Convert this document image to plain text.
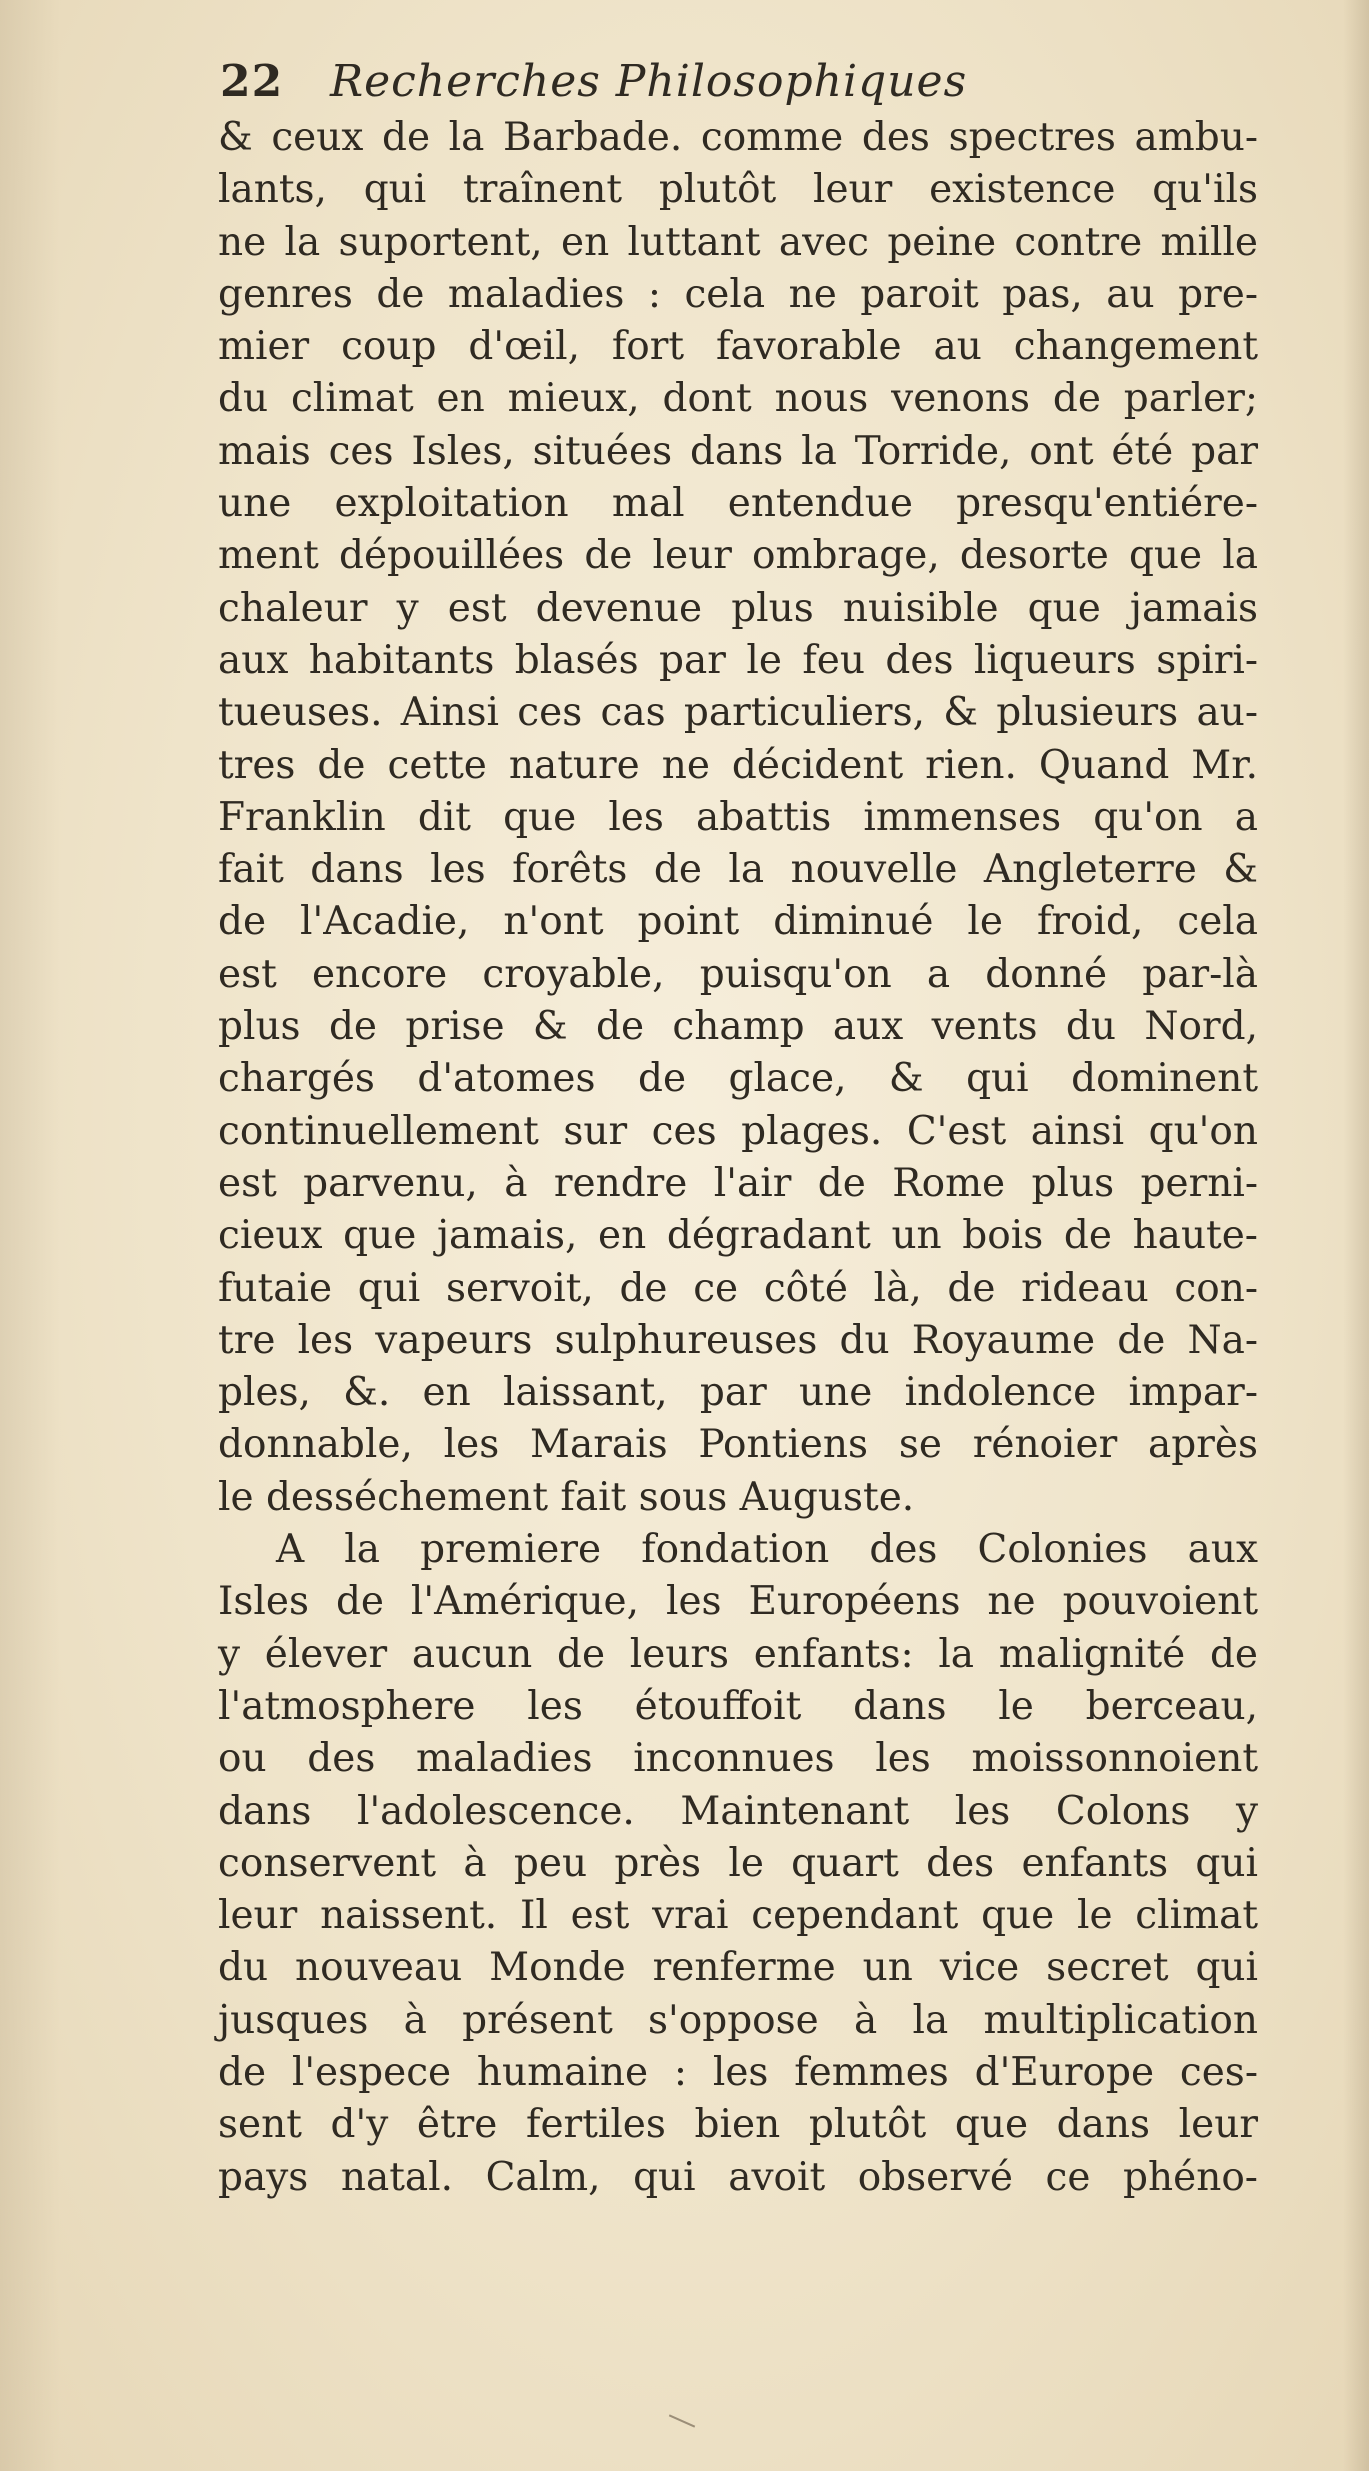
22 Recherches Philosophiques
& ceux de la Barbade. comme des spectres ambu-
lants, qui traînent plutôt leur existence qu'ils
ne la suportent, en luttant avec peine contre mille
genres de maladies : cela ne paroit pas, au pre-
mier coup d'œil, fort favorable au changement
du climat en mieux, dont nous venons de parler;
mais ces Isles, situées dans la Torride, ont été par
une exploitation mal entendue presqu'entiére-
ment dépouillées de leur ombrage, desorte que la
chaleur y est devenue plus nuisible que jamais
aux habitants blasés par le feu des liqueurs spiri-
tueuses. Ainsi ces cas particuliers, & plusieurs au-
tres de cette nature ne décident rien. Quand Mr.
Franklin dit que les abattis immenses qu'on a
fait dans les forêts de la nouvelle Angleterre &
de l'Acadie, n'ont point diminué le froid, cela
est encore croyable, puisqu'on a donné par-là
plus de prise & de champ aux vents du Nord,
chargés d'atomes de glace, & qui dominent
continuellement sur ces plages. C'est ainsi qu'on
est parvenu, à rendre l'air de Rome plus perni-
cieux que jamais, en dégradant un bois de haute-
futaie qui servoit, de ce côté là, de rideau con-
tre les vapeurs sulphureuses du Royaume de Na-
ples, &. en laissant, par une indolence impar-
donnable, les Marais Pontiens se rénoier après
le desséchement fait sous Auguste.
A la premiere fondation des Colonies aux
Isles de l'Amérique, les Européens ne pouvoient
y élever aucun de leurs enfants: la malignité de
l'atmosphere les étouffoit dans le berceau,
ou des maladies inconnues les moissonnoient
dans l'adolescence. Maintenant les Colons y
conservent à peu près le quart des enfants qui
leur naissent. Il est vrai cependant que le climat
du nouveau Monde renferme un vice secret qui
jusques à présent s'oppose à la multiplication
de l'espece humaine : les femmes d'Europe ces-
sent d'y être fertiles bien plutôt que dans leur
pays natal. Calm, qui avoit observé ce phéno-
